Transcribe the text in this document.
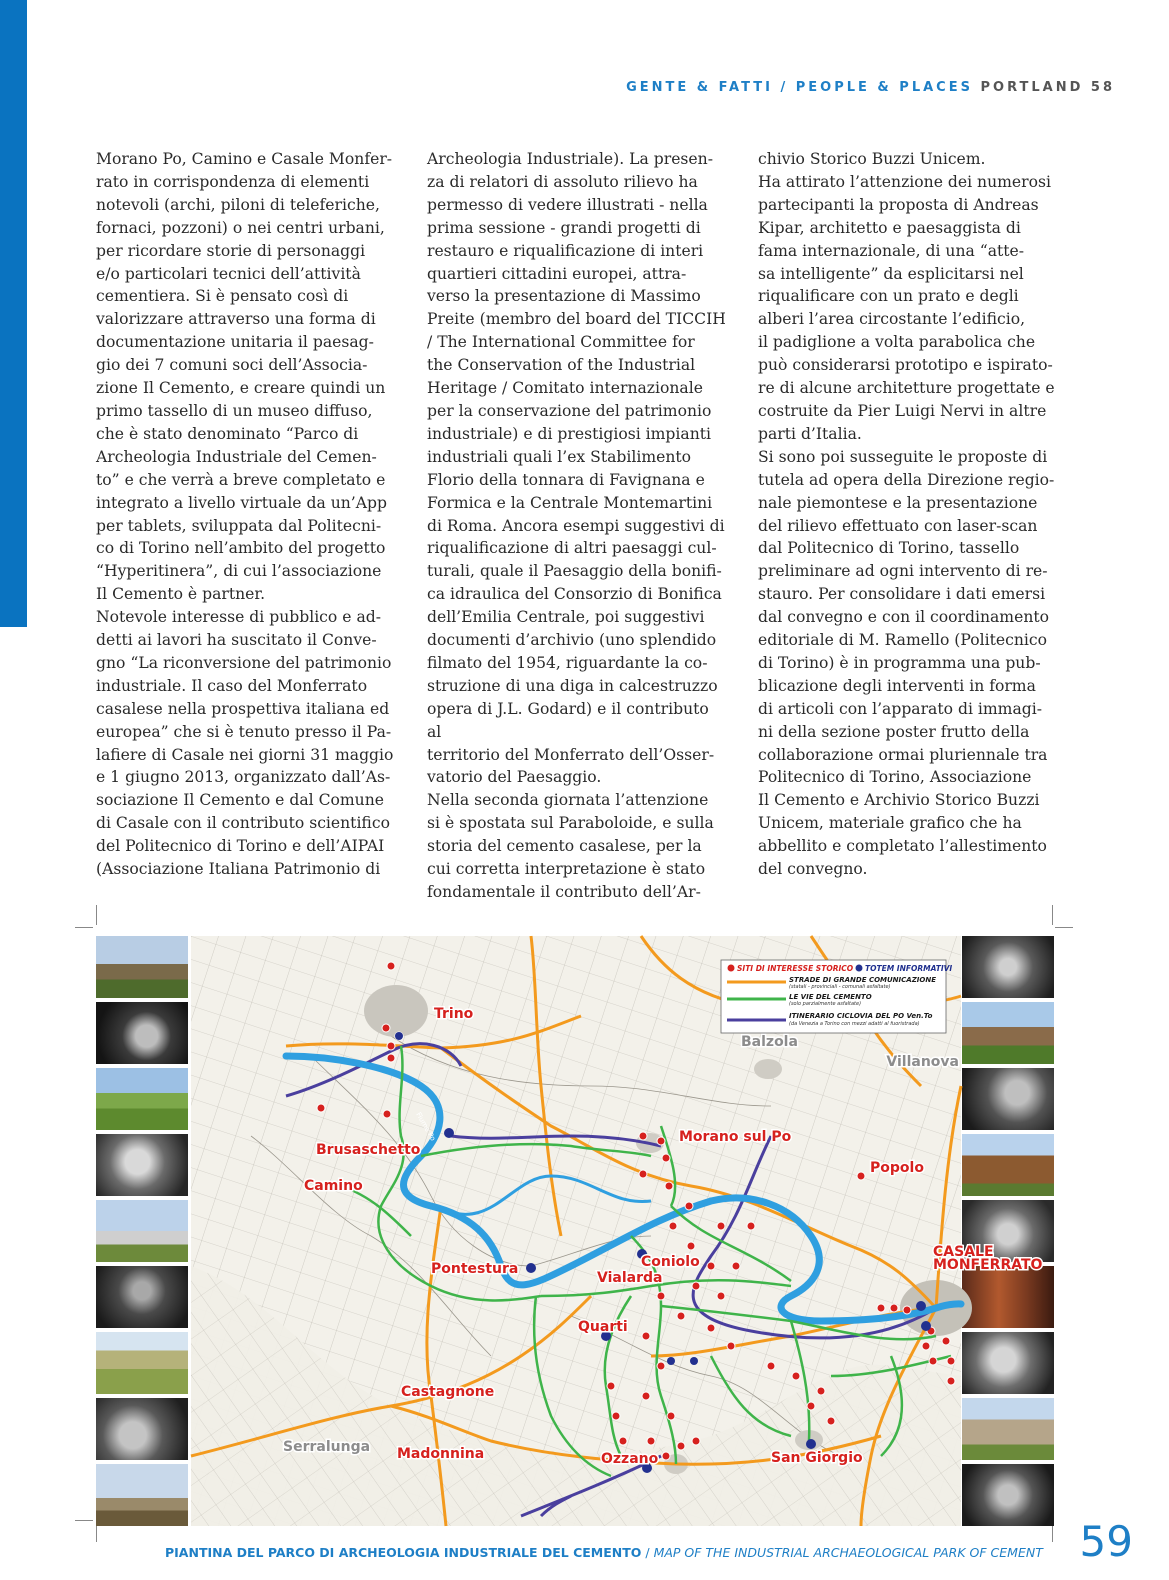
GENTE & FATTI / PEOPLE & PLACES PORTLAND 58

Morano Po, Camino e Casale Monfer-

rato in corrispondenza di elementi

notevoli (archi, piloni di teleferiche,

fornaci, pozzoni) o nei centri urbani,

per ricordare storie di personaggi

e/o particolari tecnici dell’attività

cementiera. Si è pensato così di

valorizzare attraverso una forma di

documentazione unitaria il paesag-

gio dei 7 comuni soci dell’Associa-

zione Il Cemento, e creare quindi un

primo tassello di un museo diffuso,

che è stato denominato “Parco di

Archeologia Industriale del Cemen-

to” e che verrà a breve completato e

integrato a livello virtuale da un’App

per tablets, sviluppata dal Politecni-

co di Torino nell’ambito del progetto

“Hyperitinera”, di cui l’associazione

Il Cemento è partner.

Notevole interesse di pubblico e ad-

detti ai lavori ha suscitato il Conve-

gno “La riconversione del patrimonio

industriale. Il caso del Monferrato

casalese nella prospettiva italiana ed

europea” che si è tenuto presso il Pa-

lafiere di Casale nei giorni 31 maggio

e 1 giugno 2013, organizzato dall’As-

sociazione Il Cemento e dal Comune

di Casale con il contributo scientifico

del Politecnico di Torino e dell’AIPAI

(Associazione Italiana Patrimonio di

Archeologia Industriale). La presen-

za di relatori di assoluto rilievo ha

permesso di vedere illustrati - nella

prima sessione - grandi progetti di

restauro e riqualificazione di interi

quartieri cittadini europei, attra-

verso la presentazione di Massimo

Preite (membro del board del TICCIH

/ The International Committee for

the Conservation of the Industrial

Heritage / Comitato internazionale

per la conservazione del patrimonio

industriale) e di prestigiosi impianti

industriali quali l’ex Stabilimento

Florio della tonnara di Favignana e

Formica e la Centrale Montemartini

di Roma. Ancora esempi suggestivi di

riqualificazione di altri paesaggi cul-

turali, quale il Paesaggio della bonifi-

ca idraulica del Consorzio di Bonifica

dell’Emilia Centrale, poi suggestivi

documenti d’archivio (uno splendido

filmato del 1954, riguardante la co-

struzione di una diga in calcestruzzo

opera di J.L. Godard) e il contributo al

territorio del Monferrato dell’Osser-

vatorio del Paesaggio.

Nella seconda giornata l’attenzione

si è spostata sul Paraboloide, e sulla

storia del cemento casalese, per la

cui corretta interpretazione è stato

fondamentale il contributo dell’Ar-

chivio Storico Buzzi Unicem.

Ha attirato l’attenzione dei numerosi

partecipanti la proposta di Andreas

Kipar, architetto e paesaggista di

fama internazionale, di una “atte-

sa intelligente” da esplicitarsi nel

riqualificare con un prato e degli

alberi l’area circostante l’edificio,

il padiglione a volta parabolica che

può considerarsi prototipo e ispirato-

re di alcune architetture progettate e

costruite da Pier Luigi Nervi in altre

parti d’Italia.

Si sono poi susseguite le proposte di

tutela ad opera della Direzione regio-

nale piemontese e la presentazione

del rilievo effettuato con laser-scan

dal Politecnico di Torino, tassello

preliminare ad ogni intervento di re-

stauro. Per consolidare i dati emersi

dal convegno e con il coordinamento

editoriale di M. Ramello (Politecnico

di Torino) è in programma una pub-

blicazione degli interventi in forma

di articoli con l’apparato di immagi-

ni della sezione poster frutto della

collaborazione ormai pluriennale tra

Politecnico di Torino, Associazione

Il Cemento e Archivio Storico Buzzi

Unicem, materiale grafico che ha

abbellito e completato l’allestimento

del convegno.

Fiume Po
SITI DI INTERESSE STORICO TOTEM INFORMATIVI
STRADE DI GRANDE COMUNICAZIONE
(statali - provinciali - comunali asfaltate)
LE VIE DEL CEMENTO
(solo parzialmente asfaltate)
ITINERARIO CICLOVIA DEL PO Ven.To
(da Venezia a Torino con mezzi adatti al fuoristrada)
Trino
Balzola
Villanova
Brusaschetto
Camino
Morano sul Po
Popolo
Pontestura	Coniolo
Vialarda
CASALE
MONFERRATO
Quarti
Castagnone
Serralunga Madonnina	Ozzano	San Giorgio
PIANTINA DEL PARCO DI ARCHEOLOGIA INDUSTRIALE DEL CEMENTO / MAP OF THE INDUSTRIAL ARCHAEOLOGICAL PARK OF CEMENT 59
